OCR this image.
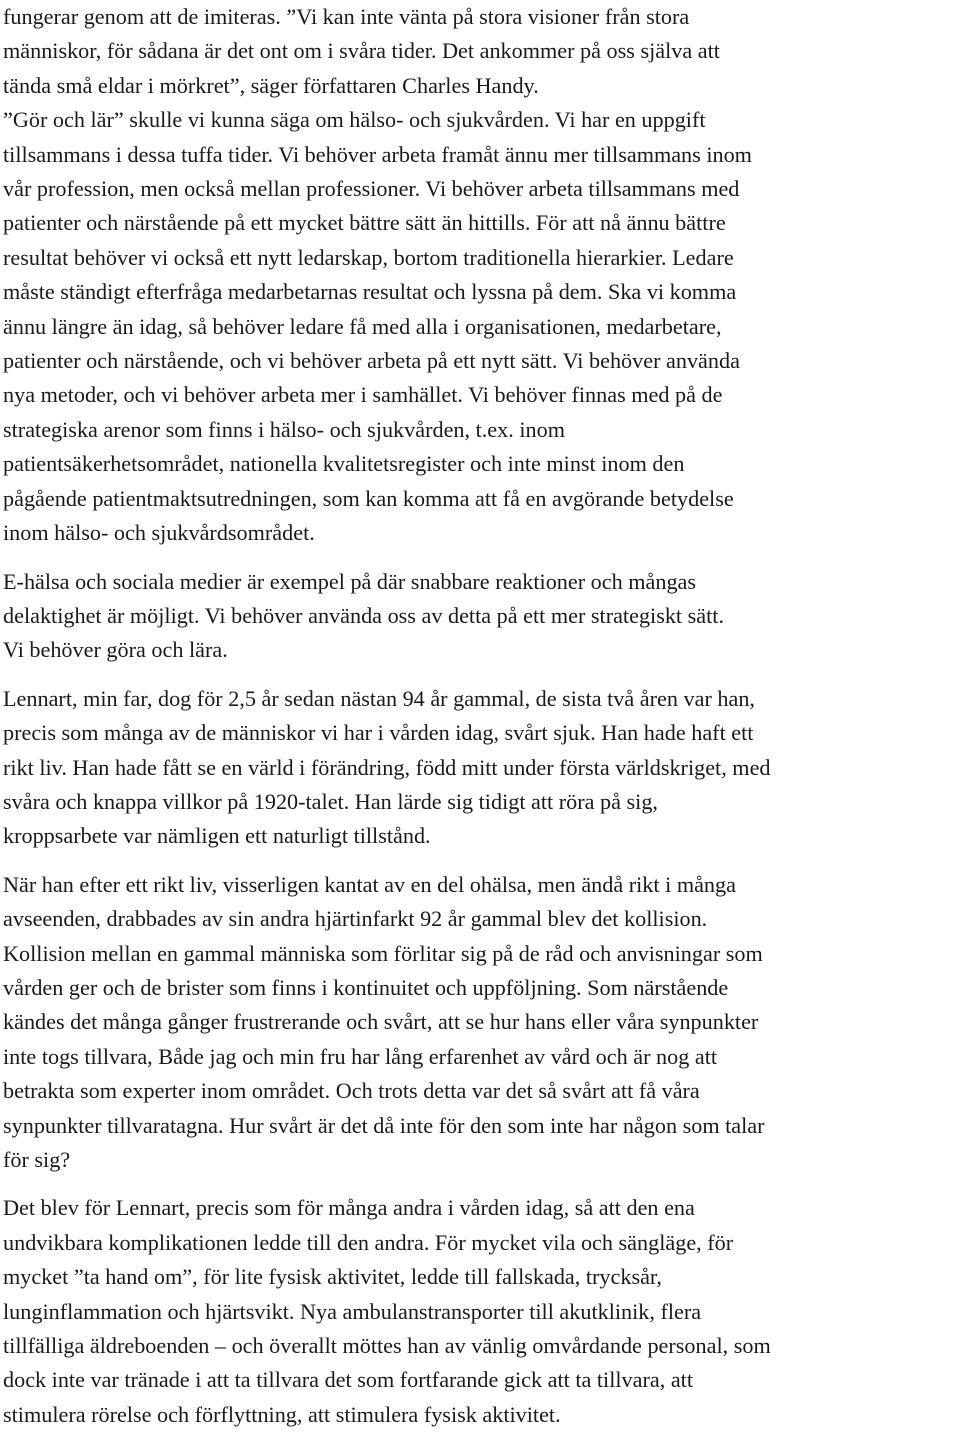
fungerar genom att de imiteras. ”Vi kan inte vänta på stora visioner från stora
människor, för sådana är det ont om i svåra tider. Det ankommer på oss själva att
tända små eldar i mörkret”, säger författaren Charles Handy.
”Gör och lär” skulle vi kunna säga om hälso- och sjukvården. Vi har en uppgift
tillsammans i dessa tuffa tider. Vi behöver arbeta framåt ännu mer tillsammans inom
vår profession, men också mellan professioner. Vi behöver arbeta tillsammans med
patienter och närstående på ett mycket bättre sätt än hittills. För att nå ännu bättre
resultat behöver vi också ett nytt ledarskap, bortom traditionella hierarkier. Ledare
måste ständigt efterfråga medarbetarnas resultat och lyssna på dem. Ska vi komma
ännu längre än idag, så behöver ledare få med alla i organisationen, medarbetare,
patienter och närstående, och vi behöver arbeta på ett nytt sätt. Vi behöver använda
nya metoder, och vi behöver arbeta mer i samhället. Vi behöver finnas med på de
strategiska arenor som finns i hälso- och sjukvården, t.ex. inom
patientsäkerhetsområdet, nationella kvalitetsregister och inte minst inom den
pågående patientmaktsutredningen, som kan komma att få en avgörande betydelse
inom hälso- och sjukvårdsområdet.

E-hälsa och sociala medier är exempel på där snabbare reaktioner och mångas
delaktighet är möjligt. Vi behöver använda oss av detta på ett mer strategiskt sätt.
Vi behöver göra och lära.

Lennart, min far, dog för 2,5 år sedan nästan 94 år gammal, de sista två åren var han,
precis som många av de människor vi har i vården idag, svårt sjuk. Han hade haft ett
rikt liv. Han hade fått se en värld i förändring, född mitt under första världskriget, med
svåra och knappa villkor på 1920-talet. Han lärde sig tidigt att röra på sig,
kroppsarbete var nämligen ett naturligt tillstånd.

När han efter ett rikt liv, visserligen kantat av en del ohälsa, men ändå rikt i många
avseenden, drabbades av sin andra hjärtinfarkt 92 år gammal blev det kollision.
Kollision mellan en gammal människa som förlitar sig på de råd och anvisningar som
vården ger och de brister som finns i kontinuitet och uppföljning. Som närstående
kändes det många gånger frustrerande och svårt, att se hur hans eller våra synpunkter
inte togs tillvara, Både jag och min fru har lång erfarenhet av vård och är nog att
betrakta som experter inom området. Och trots detta var det så svårt att få våra
synpunkter tillvaratagna. Hur svårt är det då inte för den som inte har någon som talar
för sig?

Det blev för Lennart, precis som för många andra i vården idag, så att den ena
undvikbara komplikationen ledde till den andra. För mycket vila och sängläge, för
mycket ”ta hand om”, för lite fysisk aktivitet, ledde till fallskada, trycksår,
lunginflammation och hjärtsvikt. Nya ambulanstransporter till akutklinik, flera
tillfälliga äldreboenden – och överallt möttes han av vänlig omvårdande personal, som
dock inte var tränade i att ta tillvara det som fortfarande gick att ta tillvara, att
stimulera rörelse och förflyttning, att stimulera fysisk aktivitet.
